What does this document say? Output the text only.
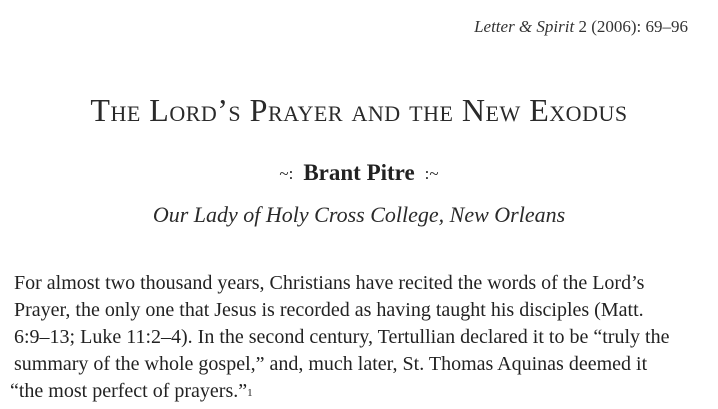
Letter & Spirit 2 (2006): 69–96
The Lord’s Prayer and the New Exodus
~: Brant Pitre :~
Our Lady of Holy Cross College, New Orleans
For almost two thousand years, Christians have recited the words of the Lord’s
Prayer, the only one that Jesus is recorded as having taught his disciples (Matt.
6:9–13; Luke 11:2–4). In the second century, Tertullian declared it to be “truly the
summary of the whole gospel,” and, much later, St. Thomas Aquinas deemed it
“the most perfect of prayers.”$^1$
